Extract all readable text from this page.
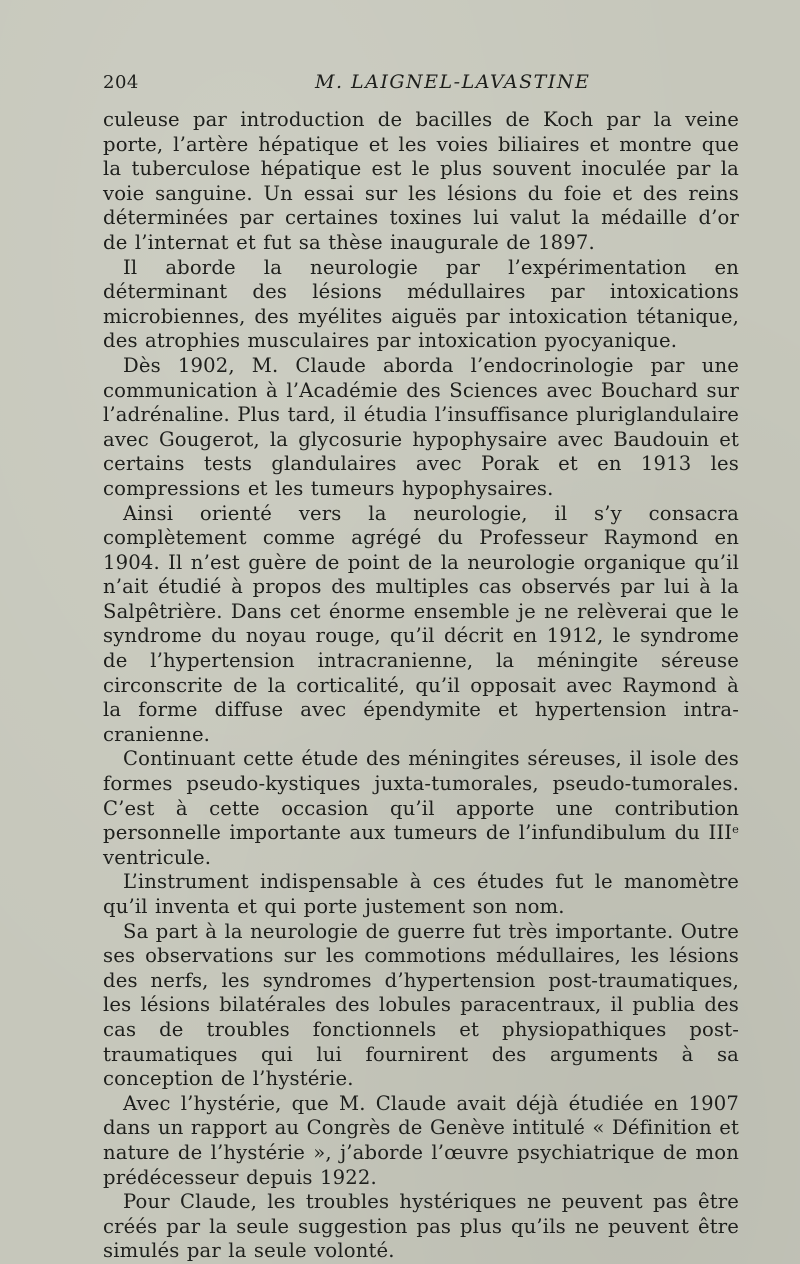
204	M. LAIGNEL-LAVASTINE

culeuse par introduction de bacilles de Koch par la veine porte, l’artère hépatique et les voies biliaires et montre que la tuberculose hépatique est le plus souvent inoculée par la voie sanguine. Un essai sur les lésions du foie et des reins déterminées par certaines toxines lui valut la médaille d’or de l’internat et fut sa thèse inaugurale de 1897.

Il aborde la neurologie par l’expérimentation en déterminant des lésions médullaires par intoxications microbiennes, des myélites aiguës par intoxication tétanique, des atrophies musculaires par intoxication pyocyanique.

Dès 1902, M. Claude aborda l’endocrinologie par une communication à l’Académie des Sciences avec Bouchard sur l’adrénaline. Plus tard, il étudia l’insuffisance pluriglandulaire avec Gougerot, la glycosurie hypophysaire avec Baudouin et certains tests glandulaires avec Porak et en 1913 les compressions et les tumeurs hypophysaires.

Ainsi orienté vers la neurologie, il s’y consacra complètement comme agrégé du Professeur Raymond en 1904. Il n’est guère de point de la neurologie organique qu’il n’ait étudié à propos des multiples cas observés par lui à la Salpêtrière. Dans cet énorme ensemble je ne relèverai que le syndrome du noyau rouge, qu’il décrit en 1912, le syndrome de l’hypertension intracranienne, la méningite séreuse circonscrite de la corticalité, qu’il opposait avec Raymond à la forme diffuse avec épendymite et hypertension intra-cranienne.

Continuant cette étude des méningites séreuses, il isole des formes pseudo-kystiques juxta-tumorales, pseudo-tumorales. C’est à cette occasion qu’il apporte une contribution personnelle importante aux tumeurs de l’infundibulum du IIIe ventricule.

L’instrument indispensable à ces études fut le manomètre qu’il inventa et qui porte justement son nom.

Sa part à la neurologie de guerre fut très importante. Outre ses observations sur les commotions médullaires, les lésions des nerfs, les syndromes d’hypertension post-traumatiques, les lésions bilatérales des lobules paracentraux, il publia des cas de troubles fonctionnels et physiopathiques post-traumatiques qui lui fournirent des arguments à sa conception de l’hystérie.

Avec l’hystérie, que M. Claude avait déjà étudiée en 1907 dans un rapport au Congrès de Genève intitulé « Définition et nature de l’hystérie », j’aborde l’œuvre psychiatrique de mon prédécesseur depuis 1922.

Pour Claude, les troubles hystériques ne peuvent pas être créés par la seule suggestion pas plus qu’ils ne peuvent être simulés par la seule volonté.
